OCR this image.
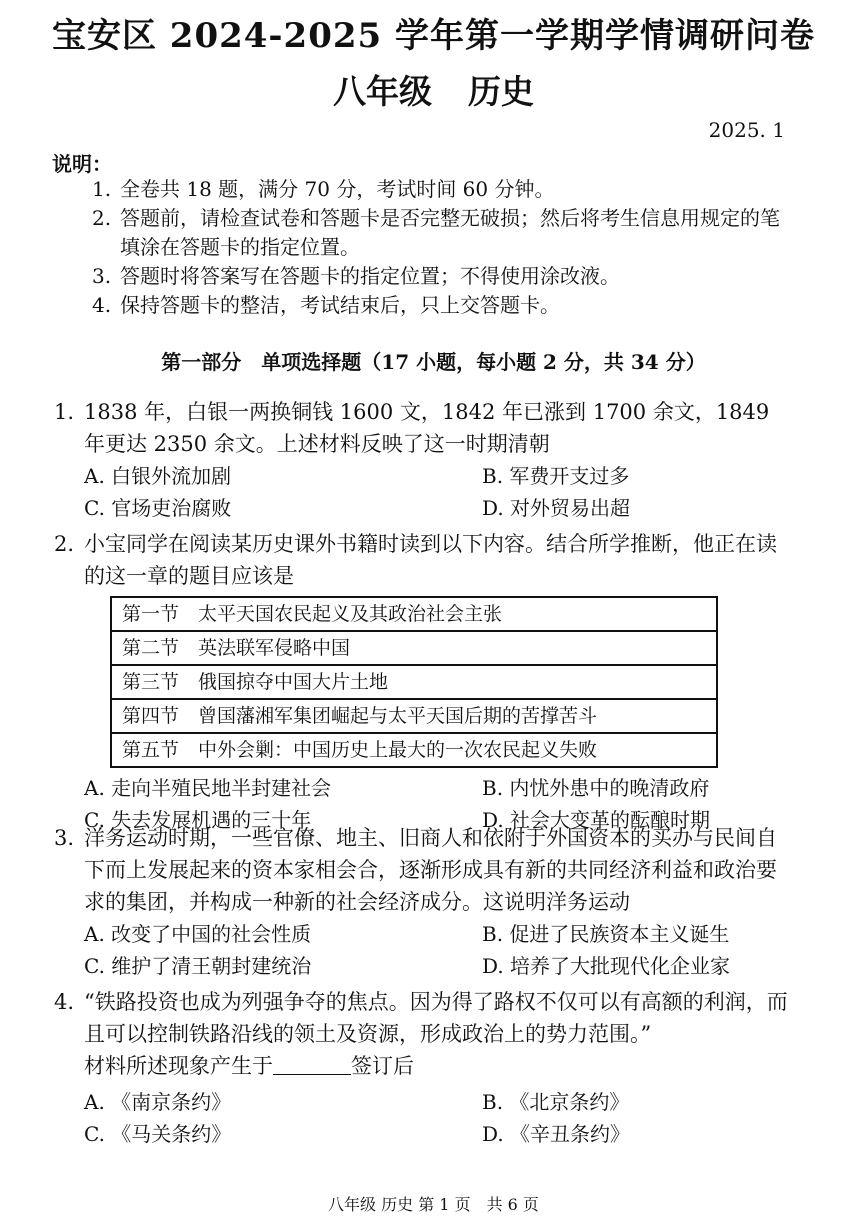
宝安区 2024-2025 学年第一学期学情调研问卷
八年级 历史
2025. 1
说明：
1. 全卷共 18 题，满分 70 分，考试时间 60 分钟。
2. 答题前，请检查试卷和答题卡是否完整无破损；然后将考生信息用规定的笔填涂在答题卡的指定位置。
3. 答题时将答案写在答题卡的指定位置；不得使用涂改液。
4. 保持答题卡的整洁，考试结束后，只上交答题卡。
第一部分　单项选择题（17 小题，每小题 2 分，共 34 分）
1. 1838 年，白银一两换铜钱 1600 文，1842 年已涨到 1700 余文，1849 年更达 2350 余文。上述材料反映了这一时期清朝
A. 白银外流加剧	B. 军费开支过多
C. 官场吏治腐败	D. 对外贸易出超
2. 小宝同学在阅读某历史课外书籍时读到以下内容。结合所学推断，他正在读的这一章的题目应该是
第一节　太平天国农民起义及其政治社会主张
第二节　英法联军侵略中国
第三节　俄国掠夺中国大片土地
第四节　曾国藩湘军集团崛起与太平天国后期的苦撑苦斗
第五节　中外会剿：中国历史上最大的一次农民起义失败
A. 走向半殖民地半封建社会	B. 内忧外患中的晚清政府
C. 失去发展机遇的三十年	D. 社会大变革的酝酿时期
3. 洋务运动时期，一些官僚、地主、旧商人和依附于外国资本的买办与民间自下而上发展起来的资本家相会合，逐渐形成具有新的共同经济利益和政治要求的集团，并构成一种新的社会经济成分。这说明洋务运动
A. 改变了中国的社会性质	B. 促进了民族资本主义诞生
C. 维护了清王朝封建统治	D. 培养了大批现代化企业家
4. “铁路投资也成为列强争夺的焦点。因为得了路权不仅可以有高额的利润，而且可以控制铁路沿线的领土及资源，形成政治上的势力范围。”
材料所述现象产生于	签订后
A. 《南京条约》	B. 《北京条约》
C. 《马关条约》	D. 《辛丑条约》
八年级 历史 第 1 页　共 6 页
